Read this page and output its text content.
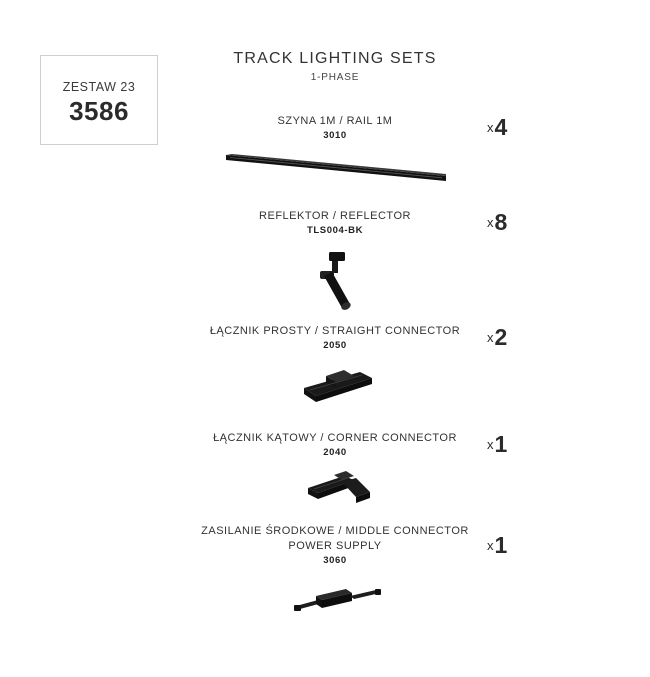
ZESTAW 23
3586
TRACK LIGHTING SETS
1-PHASE
SZYNA 1M / RAIL 1M
3010
x4
REFLEKTOR / REFLECTOR
TLS004-BK
x8
ŁĄCZNIK PROSTY / STRAIGHT CONNECTOR
2050
x2
ŁĄCZNIK KĄTOWY / CORNER CONNECTOR
2040
x1
ZASILANIE ŚRODKOWE / MIDDLE CONNECTOR
POWER SUPPLY
3060
x1
